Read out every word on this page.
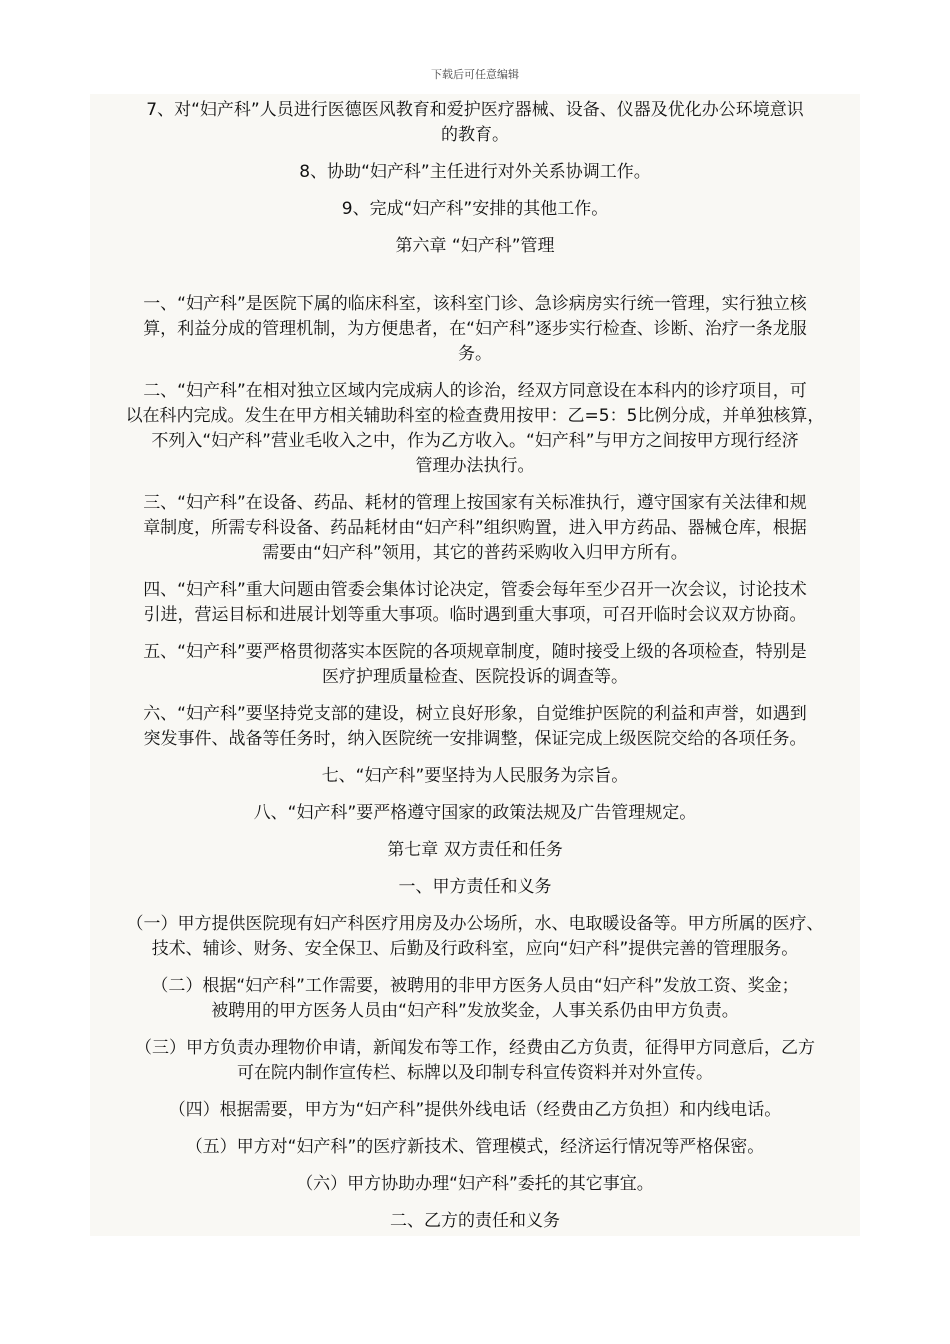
下载后可任意编辑

7、对“妇产科”人员进行医德医风教育和爱护医疗器械、设备、仪器及优化办公环境意识
的教育。

8、协助“妇产科”主任进行对外关系协调工作。

9、完成“妇产科”安排的其他工作。

第六章 “妇产科”管理

一、“妇产科”是医院下属的临床科室，该科室门诊、急诊病房实行统一管理，实行独立核
算，利益分成的管理机制，为方便患者，在“妇产科”逐步实行检查、诊断、治疗一条龙服
务。

二、“妇产科”在相对独立区域内完成病人的诊治，经双方同意设在本科内的诊疗项目，可
以在科内完成。发生在甲方相关辅助科室的检查费用按甲：乙=5：5比例分成，并单独核算，
不列入“妇产科”营业毛收入之中，作为乙方收入。“妇产科”与甲方之间按甲方现行经济
管理办法执行。

三、“妇产科”在设备、药品、耗材的管理上按国家有关标准执行，遵守国家有关法律和规
章制度，所需专科设备、药品耗材由“妇产科”组织购置，进入甲方药品、器械仓库，根据
需要由“妇产科”领用，其它的普药采购收入归甲方所有。

四、“妇产科”重大问题由管委会集体讨论决定，管委会每年至少召开一次会议，讨论技术
引进，营运目标和进展计划等重大事项。临时遇到重大事项，可召开临时会议双方协商。

五、“妇产科”要严格贯彻落实本医院的各项规章制度，随时接受上级的各项检查，特别是
医疗护理质量检查、医院投诉的调查等。

六、“妇产科”要坚持党支部的建设，树立良好形象，自觉维护医院的利益和声誉，如遇到
突发事件、战备等任务时，纳入医院统一安排调整，保证完成上级医院交给的各项任务。

七、“妇产科”要坚持为人民服务为宗旨。

八、“妇产科”要严格遵守国家的政策法规及广告管理规定。

第七章 双方责任和任务

一、甲方责任和义务

（一）甲方提供医院现有妇产科医疗用房及办公场所，水、电取暖设备等。甲方所属的医疗、
技术、辅诊、财务、安全保卫、后勤及行政科室，应向“妇产科”提供完善的管理服务。

（二）根据“妇产科”工作需要，被聘用的非甲方医务人员由“妇产科”发放工资、奖金；
被聘用的甲方医务人员由“妇产科”发放奖金，人事关系仍由甲方负责。

（三）甲方负责办理物价申请，新闻发布等工作，经费由乙方负责，征得甲方同意后，乙方
可在院内制作宣传栏、标牌以及印制专科宣传资料并对外宣传。

（四）根据需要，甲方为“妇产科”提供外线电话（经费由乙方负担）和内线电话。

（五）甲方对“妇产科”的医疗新技术、管理模式，经济运行情况等严格保密。

（六）甲方协助办理“妇产科”委托的其它事宜。

二、乙方的责任和义务
